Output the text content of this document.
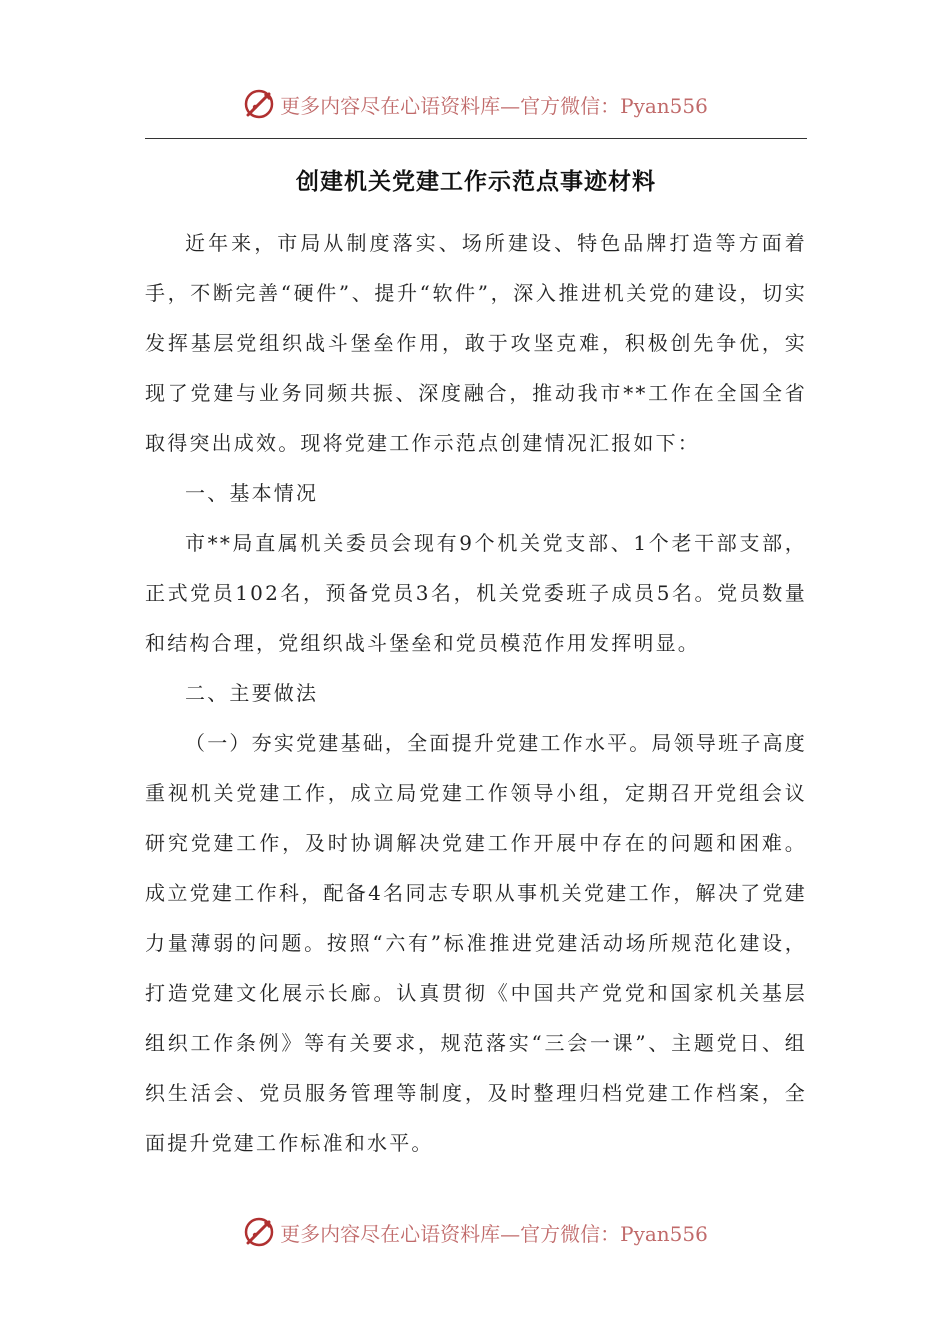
更多内容尽在心语资料库—官方微信：Pyan556
创建机关党建工作示范点事迹材料

近年来，市局从制度落实、场所建设、特色品牌打造等方面着手，不断完善“硬件”、提升“软件”，深入推进机关党的建设，切实发挥基层党组织战斗堡垒作用，敢于攻坚克难，积极创先争优，实现了党建与业务同频共振、深度融合，推动我市**工作在全国全省取得突出成效。现将党建工作示范点创建情况汇报如下：

一、基本情况

市**局直属机关委员会现有9个机关党支部、1个老干部支部，正式党员102名，预备党员3名，机关党委班子成员5名。党员数量和结构合理，党组织战斗堡垒和党员模范作用发挥明显。

二、主要做法

（一）夯实党建基础，全面提升党建工作水平。局领导班子高度重视机关党建工作，成立局党建工作领导小组，定期召开党组会议研究党建工作，及时协调解决党建工作开展中存在的问题和困难。成立党建工作科，配备4名同志专职从事机关党建工作，解决了党建力量薄弱的问题。按照“六有”标准推进党建活动场所规范化建设，打造党建文化展示长廊。认真贯彻《中国共产党党和国家机关基层组织工作条例》等有关要求，规范落实“三会一课”、主题党日、组织生活会、党员服务管理等制度，及时整理归档党建工作档案，全面提升党建工作标准和水平。

更多内容尽在心语资料库—官方微信：Pyan556
